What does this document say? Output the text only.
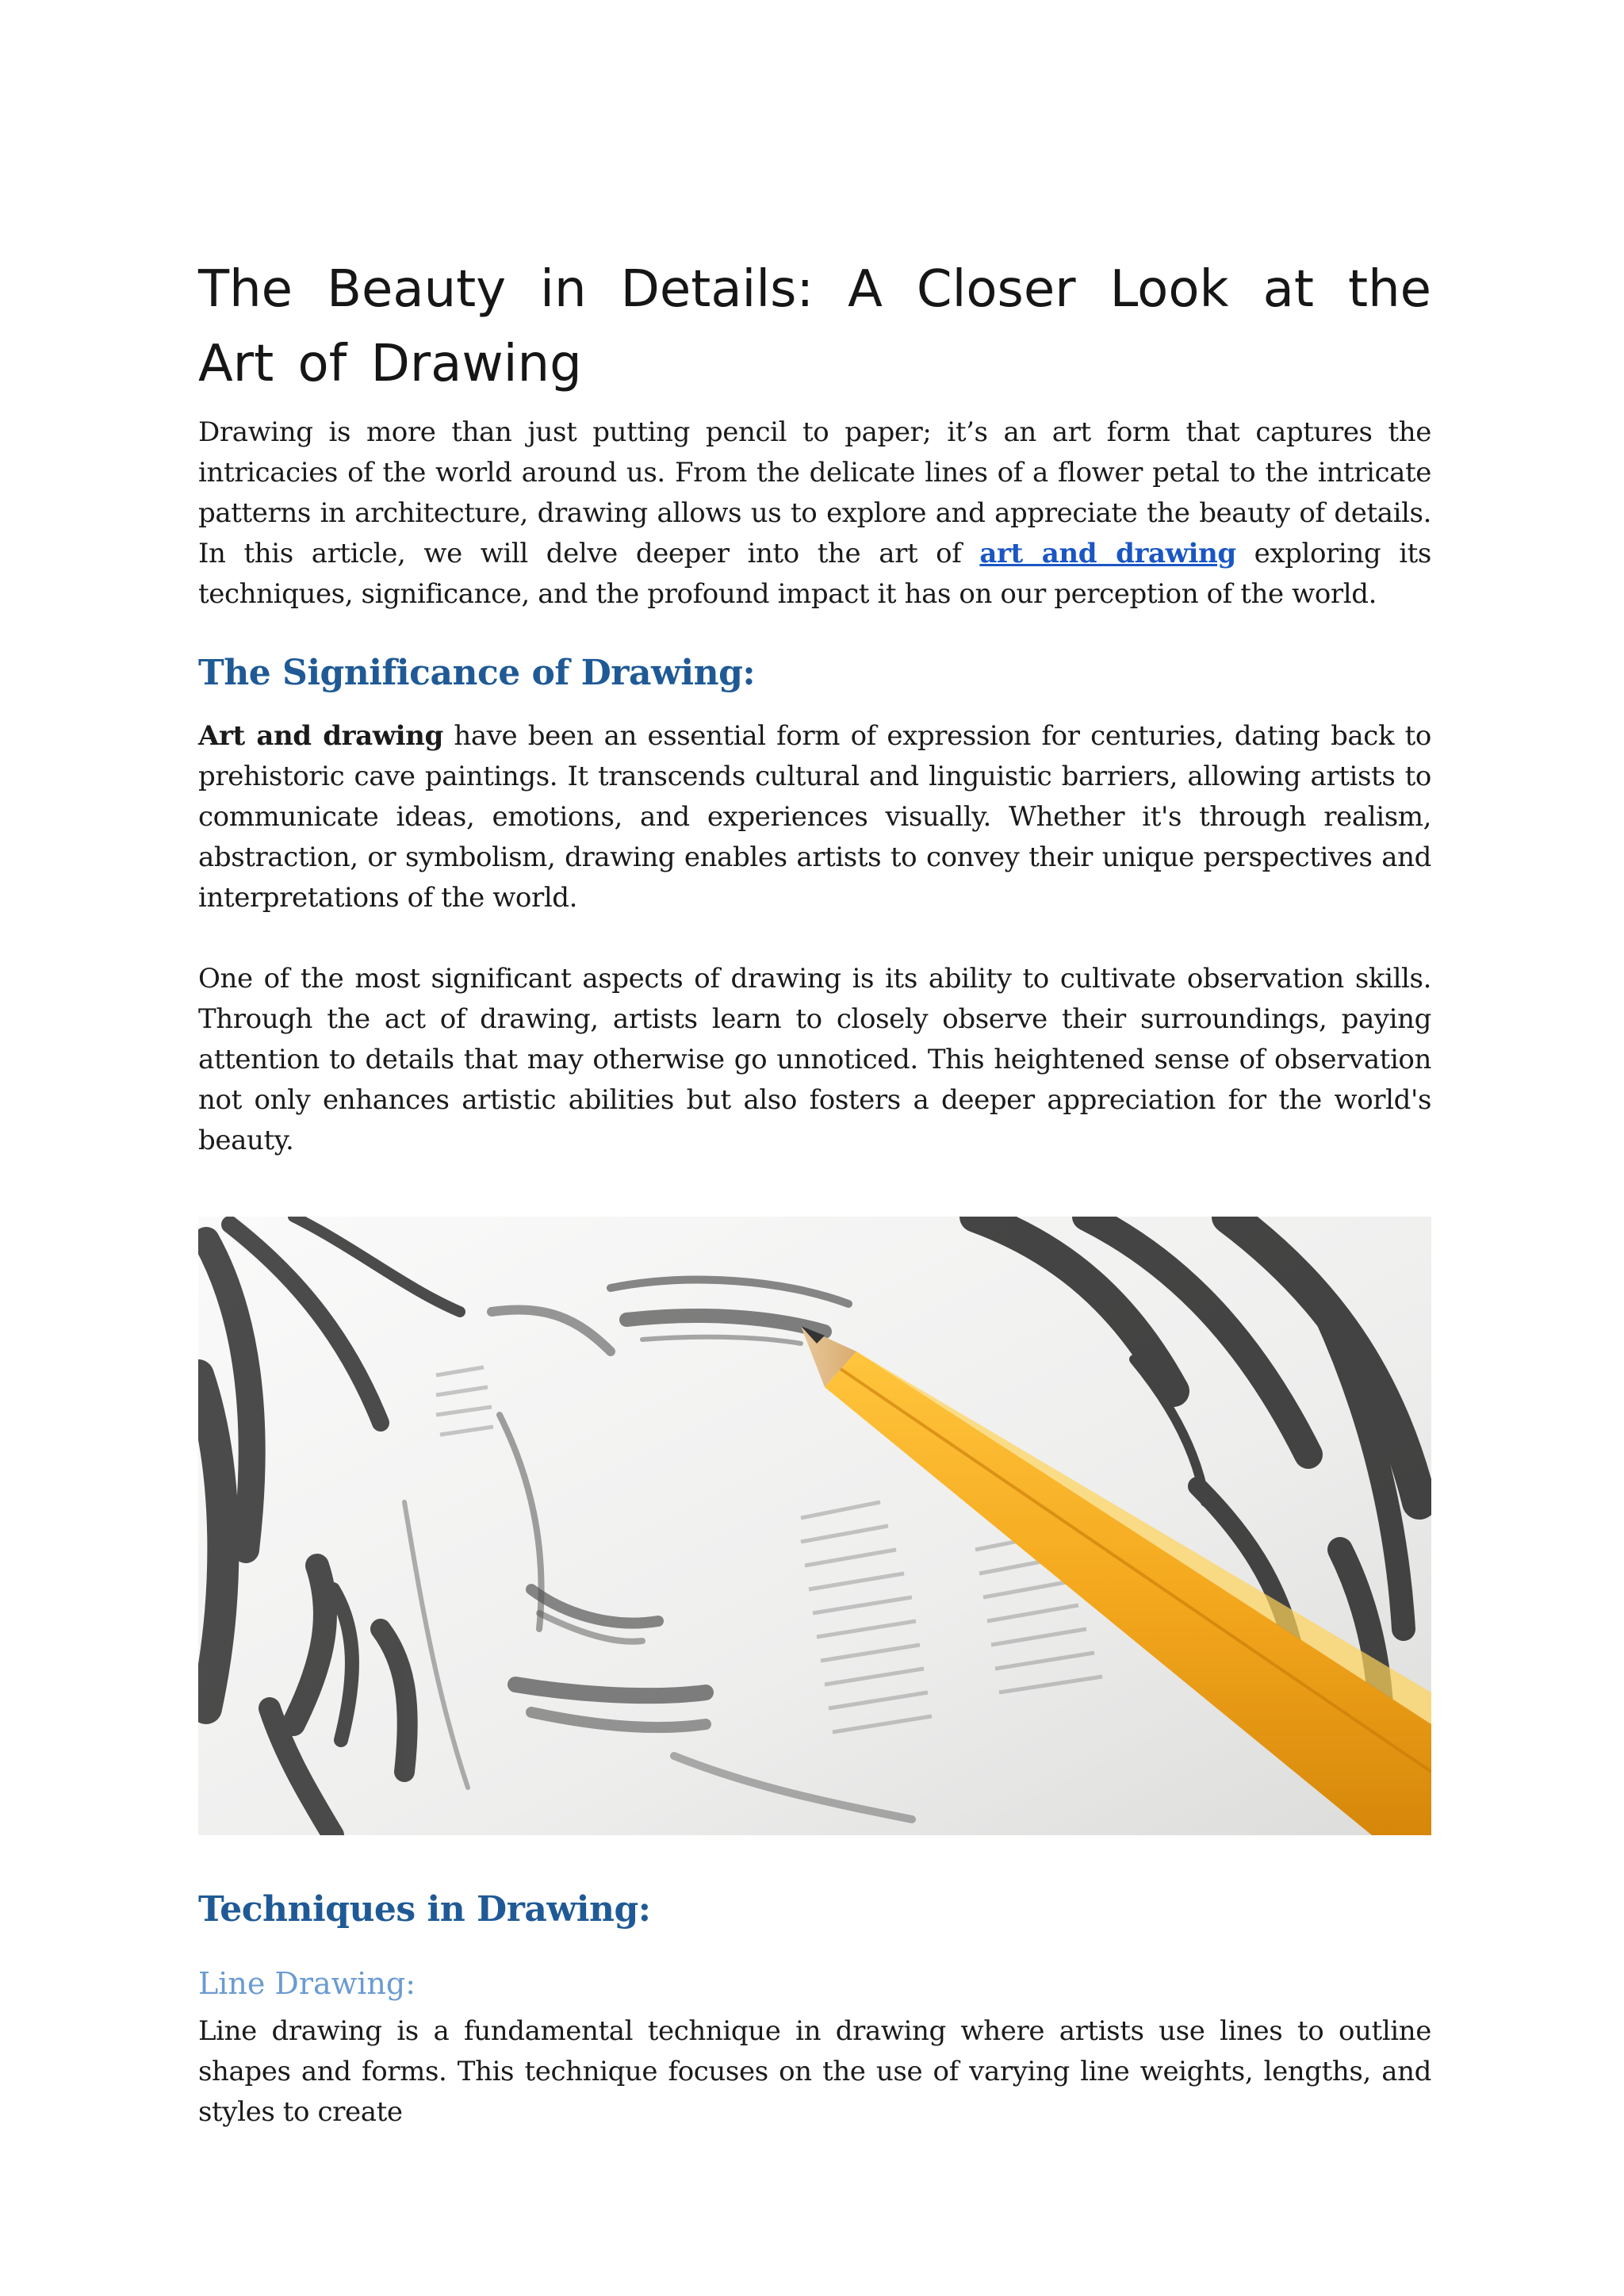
The Beauty in Details: A Closer Look at the Art of Drawing

Drawing is more than just putting pencil to paper; it’s an art form that captures the intricacies of the world around us. From the delicate lines of a flower petal to the intricate patterns in architecture, drawing allows us to explore and appreciate the beauty of details. In this article, we will delve deeper into the art of art and drawing exploring its techniques, significance, and the profound impact it has on our perception of the world.

The Significance of Drawing:

Art and drawing have been an essential form of expression for centuries, dating back to prehistoric cave paintings. It transcends cultural and linguistic barriers, allowing artists to communicate ideas, emotions, and experiences visually. Whether it's through realism, abstraction, or symbolism, drawing enables artists to convey their unique perspectives and interpretations of the world.

One of the most significant aspects of drawing is its ability to cultivate observation skills. Through the act of drawing, artists learn to closely observe their surroundings, paying attention to details that may otherwise go unnoticed. This heightened sense of observation not only enhances artistic abilities but also fosters a deeper appreciation for the world's beauty.

Techniques in Drawing:
Line Drawing:

Line drawing is a fundamental technique in drawing where artists use lines to outline shapes and forms. This technique focuses on the use of varying line weights, lengths, and styles to create
